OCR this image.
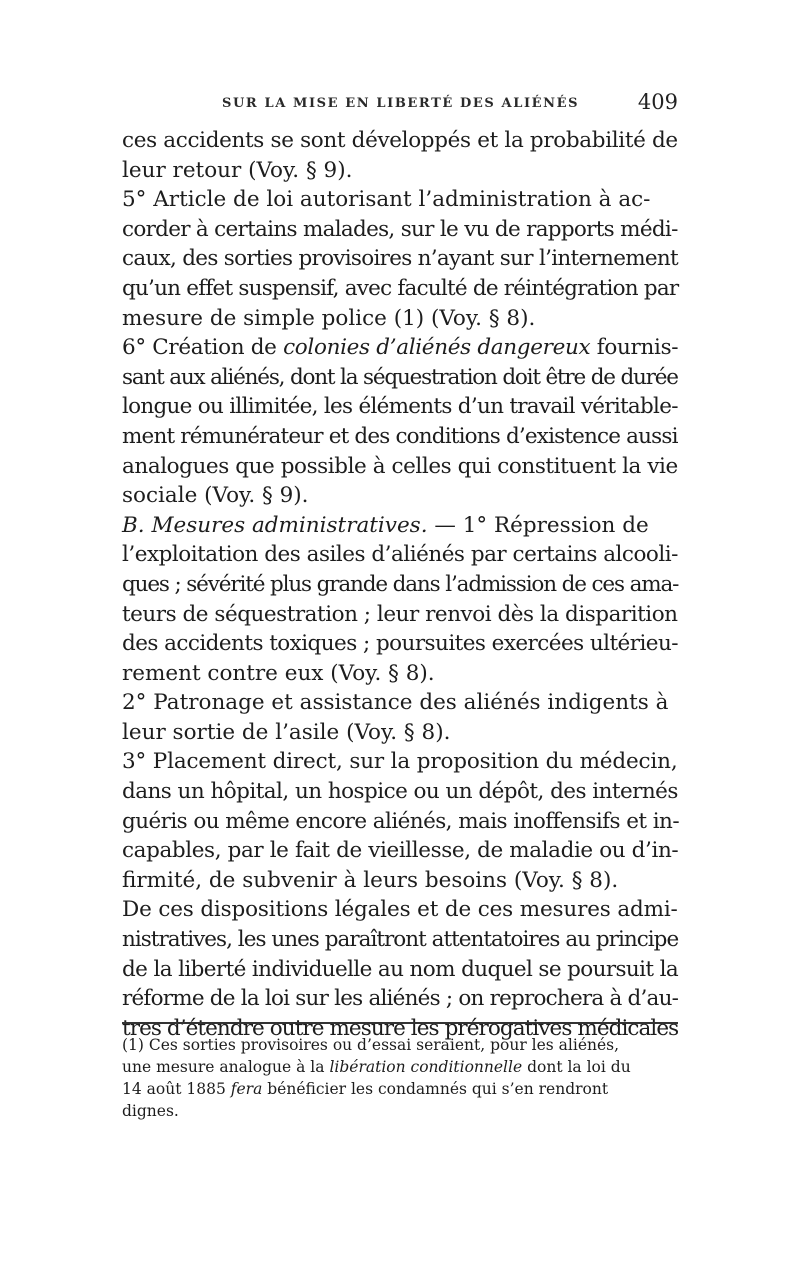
SUR LA MISE EN LIBERTÉ DES ALIÉNÉS	409
ces accidents se sont développés et la probabilité de
leur retour (Voy. § 9).
5° Article de loi autorisant l’administration à ac-
corder à certains malades, sur le vu de rapports médi-
caux, des sorties provisoires n’ayant sur l’internement
qu’un effet suspensif, avec faculté de réintégration par
mesure de simple police (1) (Voy. § 8).
6° Création de colonies d’aliénés dangereux fournis-
sant aux aliénés, dont la séquestration doit être de durée
longue ou illimitée, les éléments d’un travail véritable-
ment rémunérateur et des conditions d’existence aussi
analogues que possible à celles qui constituent la vie
sociale (Voy. § 9).
B. Mesures administratives. — 1° Répression de
l’exploitation des asiles d’aliénés par certains alcooli-
ques ; sévérité plus grande dans l’admission de ces ama-
teurs de séquestration ; leur renvoi dès la disparition
des accidents toxiques ; poursuites exercées ultérieu-
rement contre eux (Voy. § 8).
2° Patronage et assistance des aliénés indigents à
leur sortie de l’asile (Voy. § 8).
3° Placement direct, sur la proposition du médecin,
dans un hôpital, un hospice ou un dépôt, des internés
guéris ou même encore aliénés, mais inoffensifs et in-
capables, par le fait de vieillesse, de maladie ou d’in-
firmité, de subvenir à leurs besoins (Voy. § 8).
De ces dispositions légales et de ces mesures admi-
nistratives, les unes paraîtront attentatoires au principe
de la liberté individuelle au nom duquel se poursuit la
réforme de la loi sur les aliénés ; on reprochera à d’au-
tres d’étendre outre mesure les prérogatives médicales
(1) Ces sorties provisoires ou d’essai seraient, pour les aliénés,
une mesure analogue à la libération conditionnelle dont la loi du
14 août 1885 fera bénéficier les condamnés qui s’en rendront
dignes.
